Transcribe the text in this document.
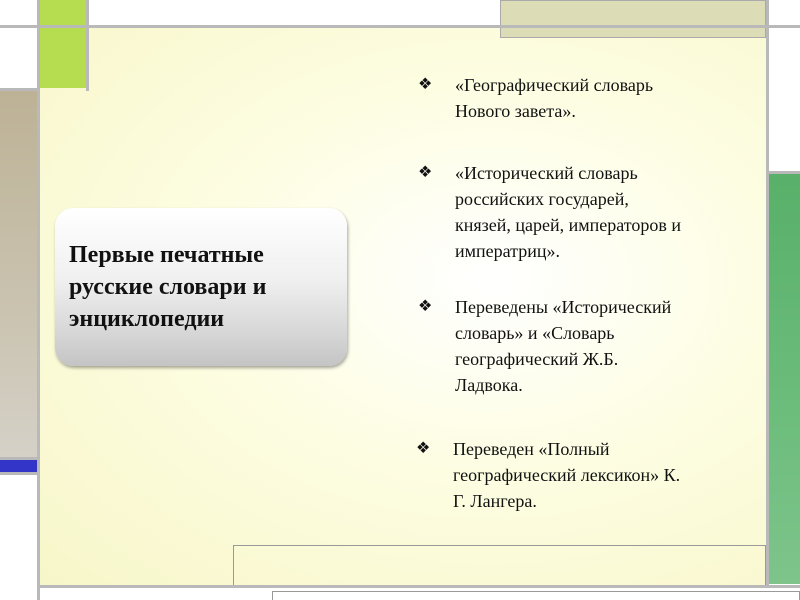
Первые печатные
русские словари и
энциклопедии
❖ «Географический словарь
Нового завета».
❖ «Исторический словарь
российских государей,
князей, царей, императоров и
императриц».
❖ Переведены «Исторический
словарь» и «Словарь
географический Ж.Б.
Ладвока.
❖ Переведен «Полный
географический лексикон» К.
Г. Лангера.
